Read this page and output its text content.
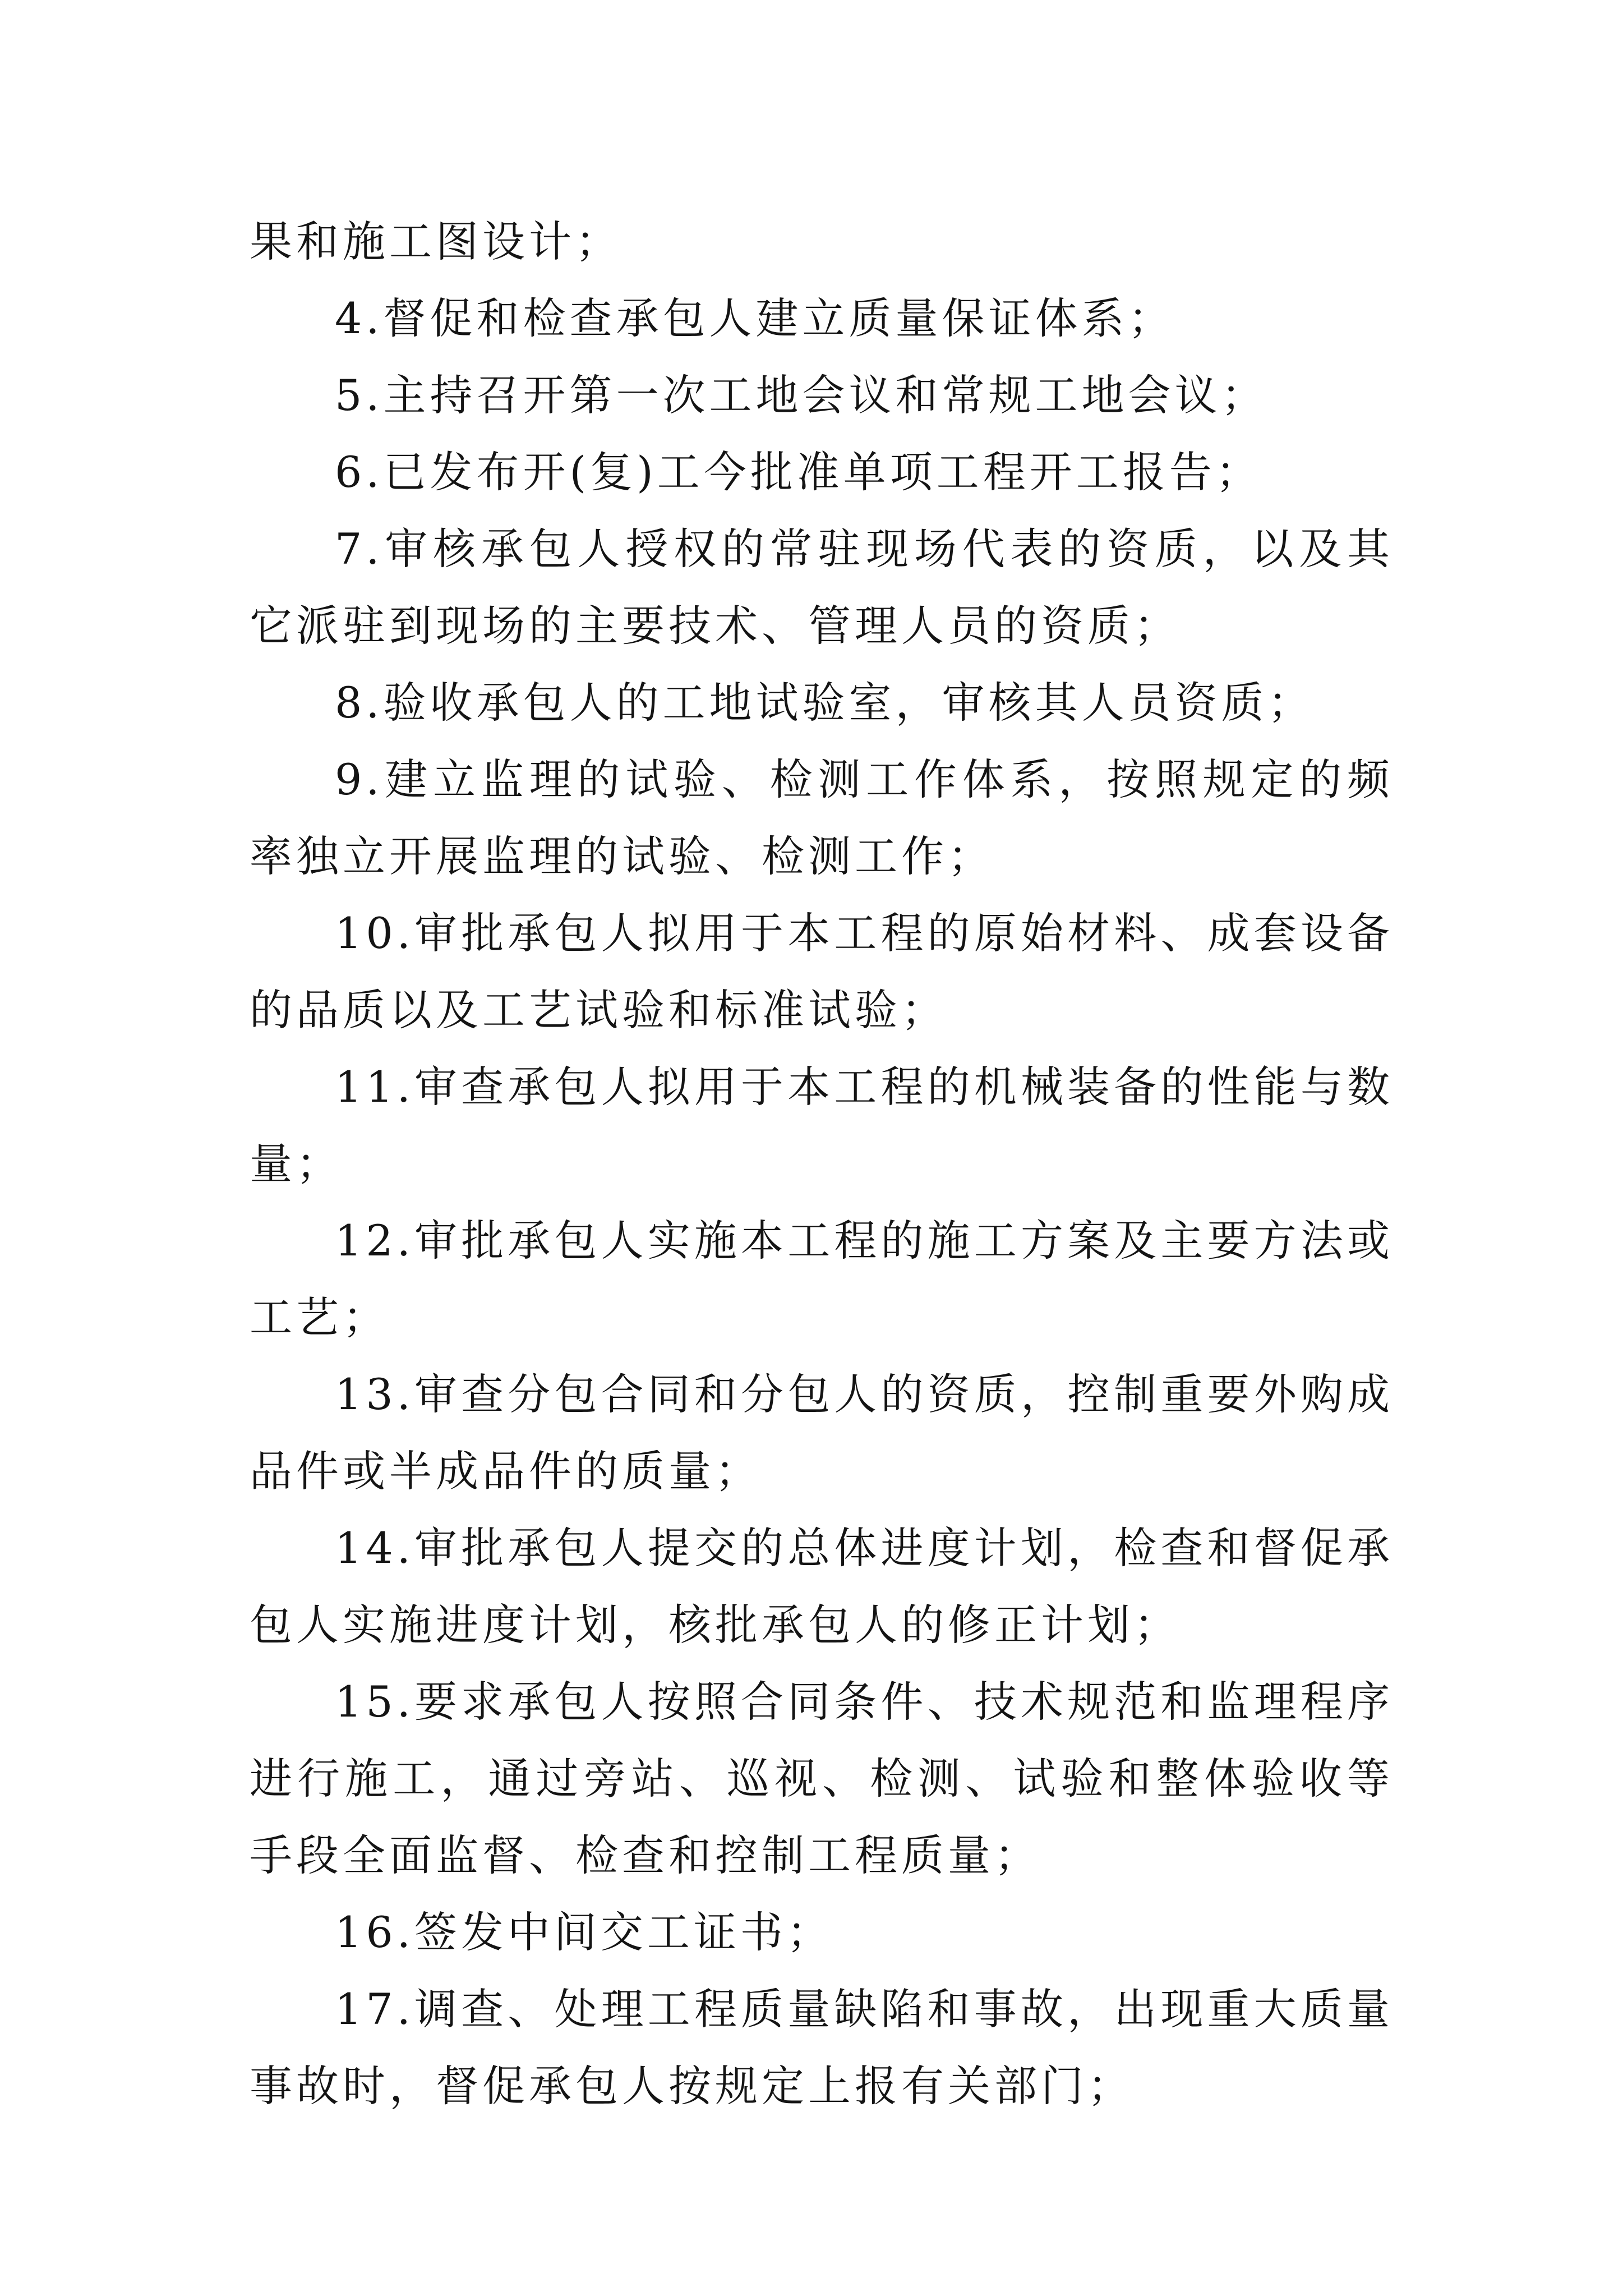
果和施工图设计；

4.督促和检查承包人建立质量保证体系；

5.主持召开第一次工地会议和常规工地会议；

6.已发布开(复)工今批准单项工程开工报告；

7.审核承包人授权的常驻现场代表的资质，以及其它派驻到现场的主要技术、管理人员的资质；

8.验收承包人的工地试验室，审核其人员资质；

9.建立监理的试验、检测工作体系，按照规定的频率独立开展监理的试验、检测工作；

10.审批承包人拟用于本工程的原始材料、成套设备的品质以及工艺试验和标准试验；

11.审查承包人拟用于本工程的机械装备的性能与数量；

12.审批承包人实施本工程的施工方案及主要方法或工艺；

13.审查分包合同和分包人的资质，控制重要外购成品件或半成品件的质量；

14.审批承包人提交的总体进度计划，检查和督促承包人实施进度计划，核批承包人的修正计划；

15.要求承包人按照合同条件、技术规范和监理程序进行施工，通过旁站、巡视、检测、试验和整体验收等手段全面监督、检查和控制工程质量；

16.签发中间交工证书；

17.调查、处理工程质量缺陷和事故，出现重大质量事故时，督促承包人按规定上报有关部门；
